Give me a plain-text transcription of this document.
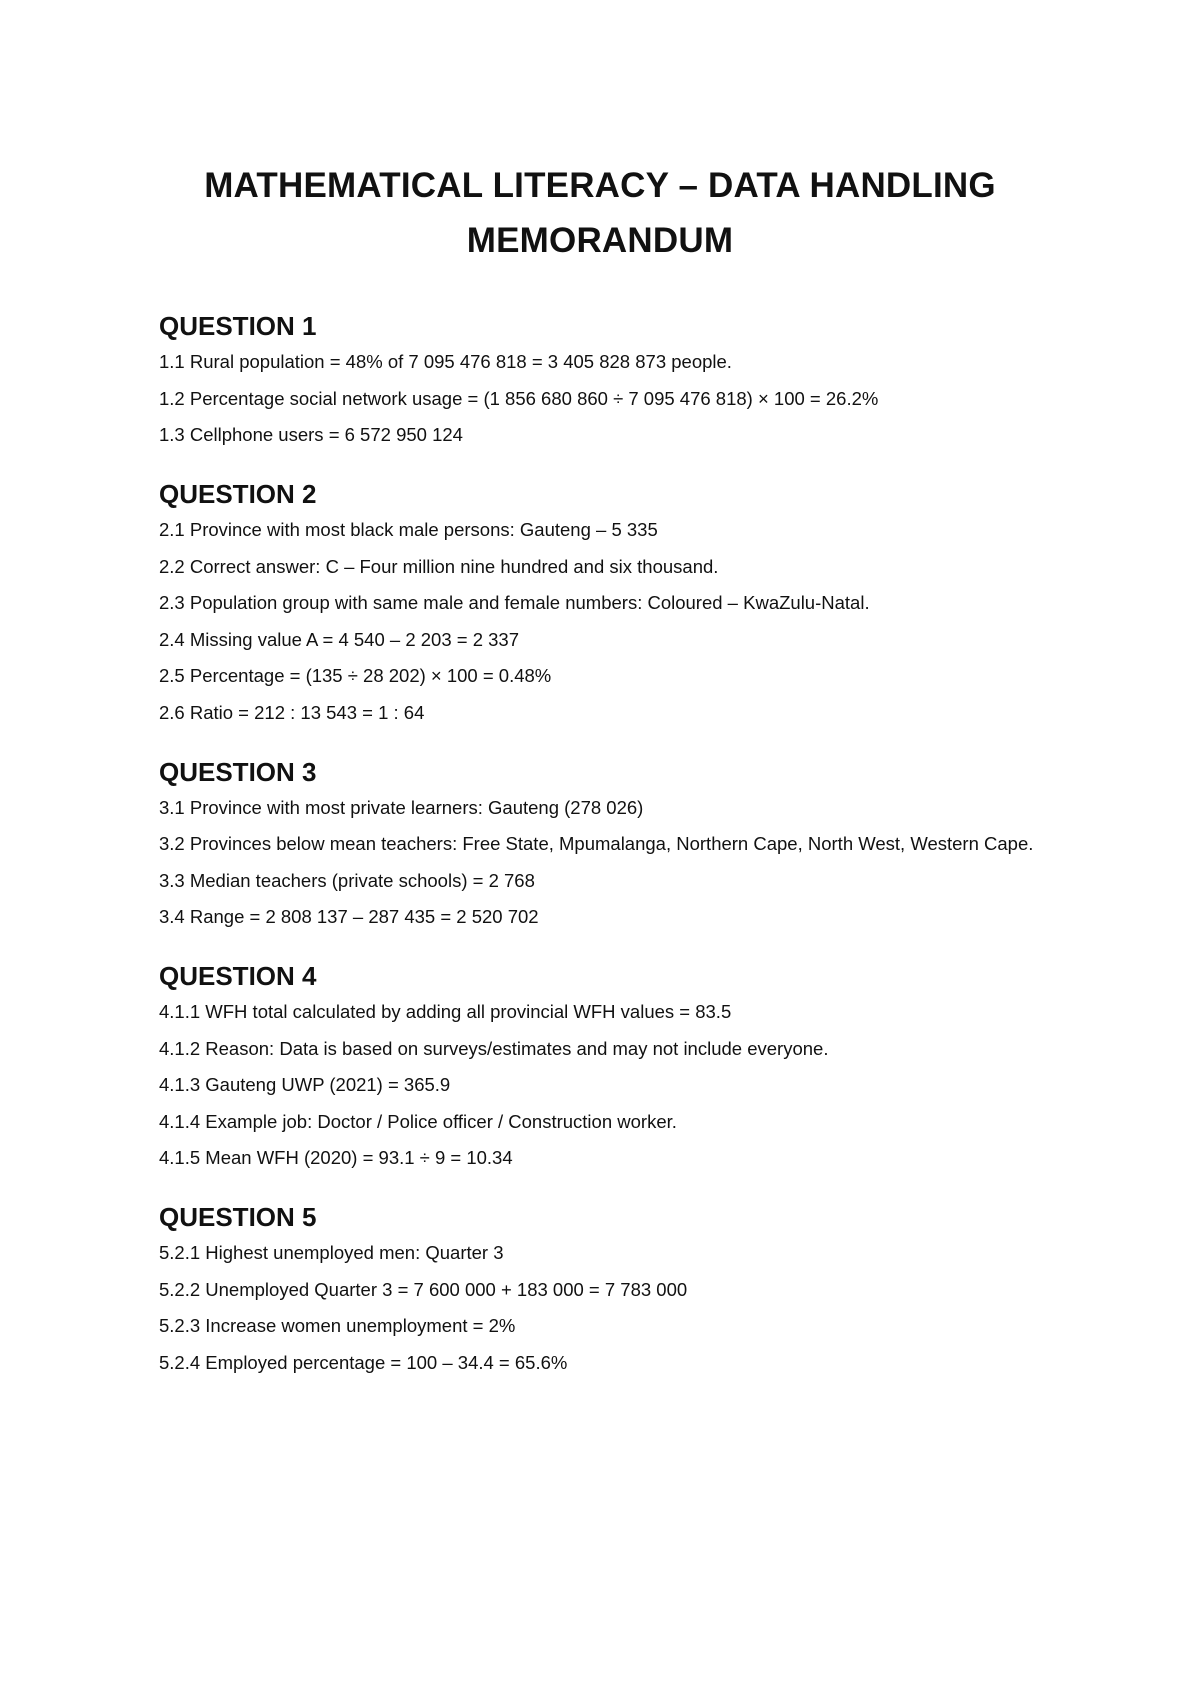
MATHEMATICAL LITERACY – DATA HANDLING
MEMORANDUM
QUESTION 1
1.1 Rural population = 48% of 7 095 476 818 = 3 405 828 873 people.
1.2 Percentage social network usage = (1 856 680 860 ÷ 7 095 476 818) × 100 = 26.2%
1.3 Cellphone users = 6 572 950 124
QUESTION 2
2.1 Province with most black male persons: Gauteng – 5 335
2.2 Correct answer: C – Four million nine hundred and six thousand.
2.3 Population group with same male and female numbers: Coloured – KwaZulu-Natal.
2.4 Missing value A = 4 540 – 2 203 = 2 337
2.5 Percentage = (135 ÷ 28 202) × 100 = 0.48%
2.6 Ratio = 212 : 13 543 = 1 : 64
QUESTION 3
3.1 Province with most private learners: Gauteng (278 026)
3.2 Provinces below mean teachers: Free State, Mpumalanga, Northern Cape, North West, Western Cape.
3.3 Median teachers (private schools) = 2 768
3.4 Range = 2 808 137 – 287 435 = 2 520 702
QUESTION 4
4.1.1 WFH total calculated by adding all provincial WFH values = 83.5
4.1.2 Reason: Data is based on surveys/estimates and may not include everyone.
4.1.3 Gauteng UWP (2021) = 365.9
4.1.4 Example job: Doctor / Police officer / Construction worker.
4.1.5 Mean WFH (2020) = 93.1 ÷ 9 = 10.34
QUESTION 5
5.2.1 Highest unemployed men: Quarter 3
5.2.2 Unemployed Quarter 3 = 7 600 000 + 183 000 = 7 783 000
5.2.3 Increase women unemployment = 2%
5.2.4 Employed percentage = 100 – 34.4 = 65.6%
